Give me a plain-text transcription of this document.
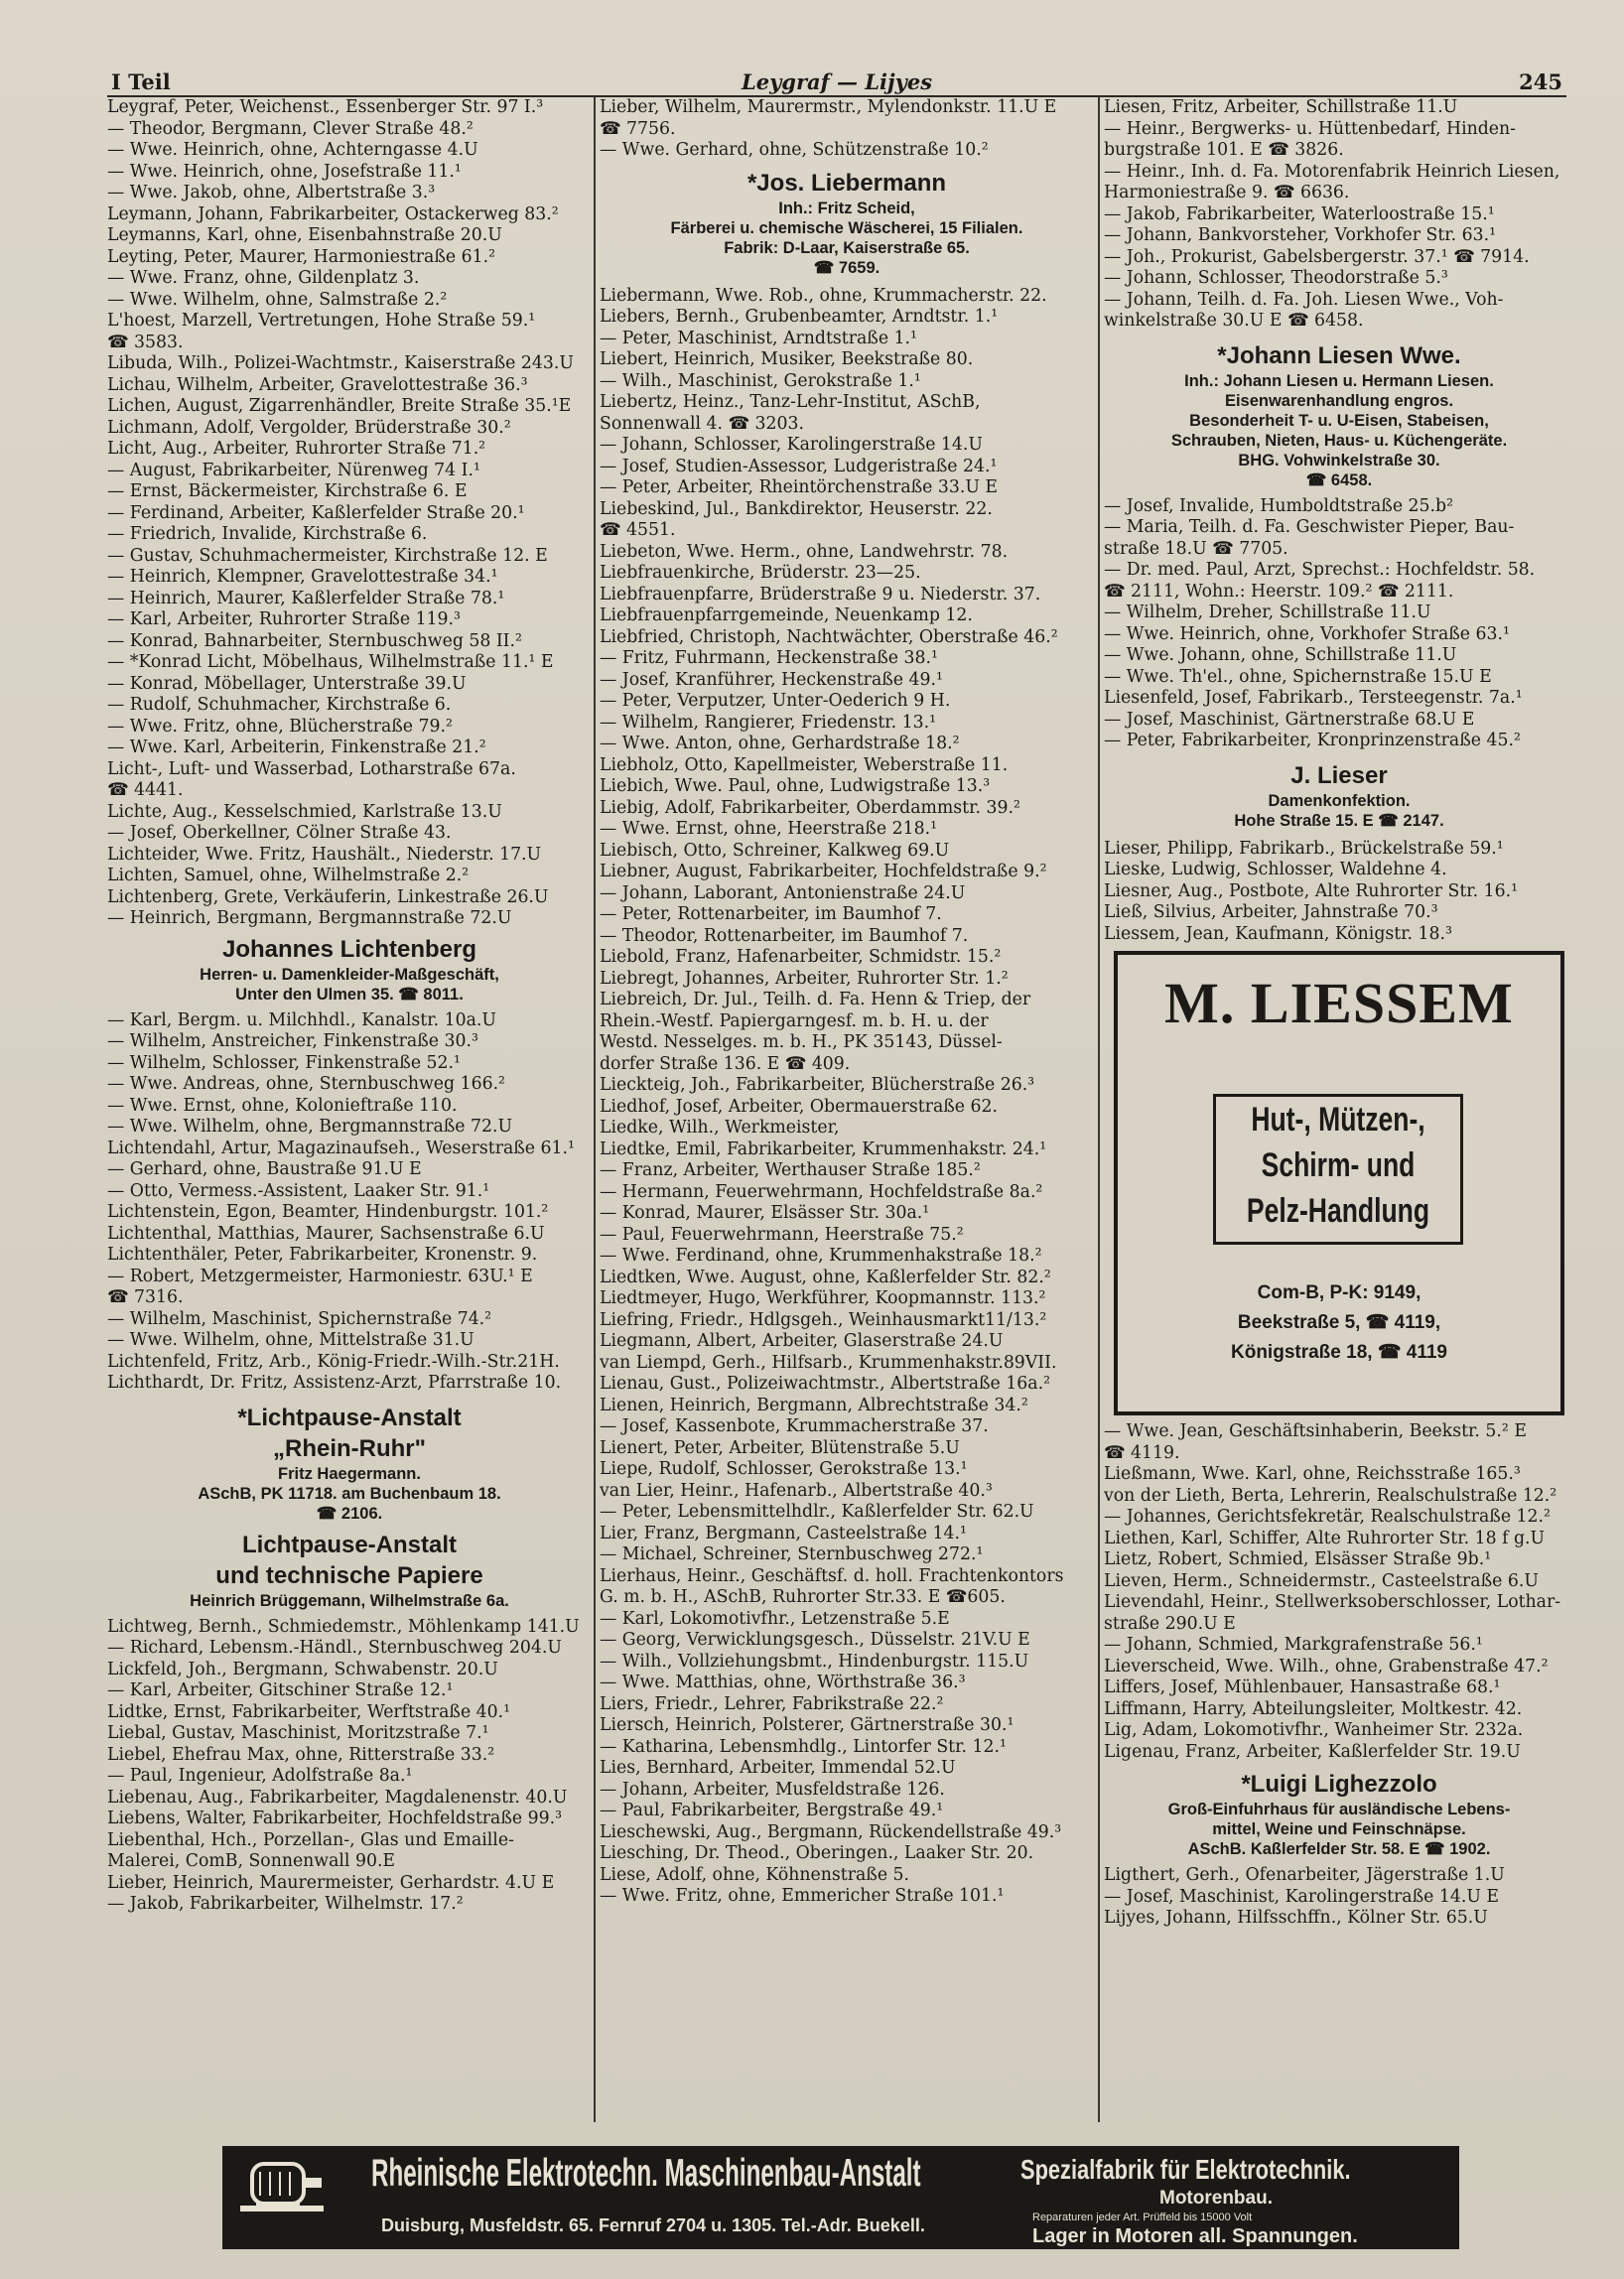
I Teil	Leygraf — Lijyes	245
Leygraf, Peter, Weichenst., Essenberger Str. 97 I.³
— Theodor, Bergmann, Clever Straße 48.²
— Wwe. Heinrich, ohne, Achterngasse 4.U
— Wwe. Heinrich, ohne, Josefstraße 11.¹
— Wwe. Jakob, ohne, Albertstraße 3.³
Leymann, Johann, Fabrikarbeiter, Ostackerweg 83.²
Leymanns, Karl, ohne, Eisenbahnstraße 20.U
Leyting, Peter, Maurer, Harmoniestraße 61.²
— Wwe. Franz, ohne, Gildenplatz 3.
— Wwe. Wilhelm, ohne, Salmstraße 2.²
L'hoest, Marzell, Vertretungen, Hohe Straße 59.¹
☎ 3583.
Libuda, Wilh., Polizei-Wachtmstr., Kaiserstraße 243.U
Lichau, Wilhelm, Arbeiter, Gravelottestraße 36.³
Lichen, August, Zigarrenhändler, Breite Straße 35.¹E
Lichmann, Adolf, Vergolder, Brüderstraße 30.²
Licht, Aug., Arbeiter, Ruhrorter Straße 71.²
— August, Fabrikarbeiter, Nürenweg 74 I.¹
— Ernst, Bäckermeister, Kirchstraße 6. E
— Ferdinand, Arbeiter, Kaßlerfelder Straße 20.¹
— Friedrich, Invalide, Kirchstraße 6.
— Gustav, Schuhmachermeister, Kirchstraße 12. E
— Heinrich, Klempner, Gravelottestraße 34.¹
— Heinrich, Maurer, Kaßlerfelder Straße 78.¹
— Karl, Arbeiter, Ruhrorter Straße 119.³
— Konrad, Bahnarbeiter, Sternbuschweg 58 II.²
— *Konrad Licht, Möbelhaus, Wilhelmstraße 11.¹ E
— Konrad, Möbellager, Unterstraße 39.U
— Rudolf, Schuhmacher, Kirchstraße 6.
— Wwe. Fritz, ohne, Blücherstraße 79.²
— Wwe. Karl, Arbeiterin, Finkenstraße 21.²
Licht-, Luft- und Wasserbad, Lotharstraße 67a.
☎ 4441.
Lichte, Aug., Kesselschmied, Karlstraße 13.U
— Josef, Oberkellner, Cölner Straße 43.
Lichteider, Wwe. Fritz, Haushält., Niederstr. 17.U
Lichten, Samuel, ohne, Wilhelmstraße 2.²
Lichtenberg, Grete, Verkäuferin, Linkestraße 26.U
— Heinrich, Bergmann, Bergmannstraße 72.U
Johannes Lichtenberg
Herren- u. Damenkleider-Maßgeschäft,
Unter den Ulmen 35. ☎ 8011.
— Karl, Bergm. u. Milchhdl., Kanalstr. 10a.U
— Wilhelm, Anstreicher, Finkenstraße 30.³
— Wilhelm, Schlosser, Finkenstraße 52.¹
— Wwe. Andreas, ohne, Sternbuschweg 166.²
— Wwe. Ernst, ohne, Kolonieftraße 110.
— Wwe. Wilhelm, ohne, Bergmannstraße 72.U
Lichtendahl, Artur, Magazinaufseh., Weserstraße 61.¹
— Gerhard, ohne, Baustraße 91.U E
— Otto, Vermess.-Assistent, Laaker Str. 91.¹
Lichtenstein, Egon, Beamter, Hindenburgstr. 101.²
Lichtenthal, Matthias, Maurer, Sachsenstraße 6.U
Lichtenthäler, Peter, Fabrikarbeiter, Kronenstr. 9.
— Robert, Metzgermeister, Harmoniestr. 63U.¹ E
☎ 7316.
— Wilhelm, Maschinist, Spichernstraße 74.²
— Wwe. Wilhelm, ohne, Mittelstraße 31.U
Lichtenfeld, Fritz, Arb., König-Friedr.-Wilh.-Str.21H.
Lichthardt, Dr. Fritz, Assistenz-Arzt, Pfarrstraße 10.
*Lichtpause-Anstalt
„Rhein-Ruhr"
Fritz Haegermann.
ASchB, PK 11718. am Buchenbaum 18.
☎ 2106.
Lichtpause-Anstalt
und technische Papiere
Heinrich Brüggemann, Wilhelmstraße 6a.
Lichtweg, Bernh., Schmiedemstr., Möhlenkamp 141.U
— Richard, Lebensm.-Händl., Sternbuschweg 204.U
Lickfeld, Joh., Bergmann, Schwabenstr. 20.U
— Karl, Arbeiter, Gitschiner Straße 12.¹
Lidtke, Ernst, Fabrikarbeiter, Werftstraße 40.¹
Liebal, Gustav, Maschinist, Moritzstraße 7.¹
Liebel, Ehefrau Max, ohne, Ritterstraße 33.²
— Paul, Ingenieur, Adolfstraße 8a.¹
Liebenau, Aug., Fabrikarbeiter, Magdalenenstr. 40.U
Liebens, Walter, Fabrikarbeiter, Hochfeldstraße 99.³
Liebenthal, Hch., Porzellan-, Glas und Emaille-
Malerei, ComB, Sonnenwall 90.E
Lieber, Heinrich, Maurermeister, Gerhardstr. 4.U E
— Jakob, Fabrikarbeiter, Wilhelmstr. 17.²
Lieber, Wilhelm, Maurermstr., Mylendonkstr. 11.U E
☎ 7756.
— Wwe. Gerhard, ohne, Schützenstraße 10.²
*Jos. Liebermann
Inh.: Fritz Scheid,
Färberei u. chemische Wäscherei, 15 Filialen.
Fabrik: D-Laar, Kaiserstraße 65.
☎ 7659.
Liebermann, Wwe. Rob., ohne, Krummacherstr. 22.
Liebers, Bernh., Grubenbeamter, Arndtstr. 1.¹
— Peter, Maschinist, Arndtstraße 1.¹
Liebert, Heinrich, Musiker, Beekstraße 80.
— Wilh., Maschinist, Gerokstraße 1.¹
Liebertz, Heinz., Tanz-Lehr-Institut, ASchB,
Sonnenwall 4. ☎ 3203.
— Johann, Schlosser, Karolingerstraße 14.U
— Josef, Studien-Assessor, Ludgeristraße 24.¹
— Peter, Arbeiter, Rheintörchenstraße 33.U E
Liebeskind, Jul., Bankdirektor, Heuserstr. 22.
☎ 4551.
Liebeton, Wwe. Herm., ohne, Landwehrstr. 78.
Liebfrauenkirche, Brüderstr. 23—25.
Liebfrauenpfarre, Brüderstraße 9 u. Niederstr. 37.
Liebfrauenpfarrgemeinde, Neuenkamp 12.
Liebfried, Christoph, Nachtwächter, Oberstraße 46.²
— Fritz, Fuhrmann, Heckenstraße 38.¹
— Josef, Kranführer, Heckenstraße 49.¹
— Peter, Verputzer, Unter-Oederich 9 H.
— Wilhelm, Rangierer, Friedenstr. 13.¹
— Wwe. Anton, ohne, Gerhardstraße 18.²
Liebholz, Otto, Kapellmeister, Weberstraße 11.
Liebich, Wwe. Paul, ohne, Ludwigstraße 13.³
Liebig, Adolf, Fabrikarbeiter, Oberdammstr. 39.²
— Wwe. Ernst, ohne, Heerstraße 218.¹
Liebisch, Otto, Schreiner, Kalkweg 69.U
Liebner, August, Fabrikarbeiter, Hochfeldstraße 9.²
— Johann, Laborant, Antonienstraße 24.U
— Peter, Rottenarbeiter, im Baumhof 7.
— Theodor, Rottenarbeiter, im Baumhof 7.
Liebold, Franz, Hafenarbeiter, Schmidstr. 15.²
Liebregt, Johannes, Arbeiter, Ruhrorter Str. 1.²
Liebreich, Dr. Jul., Teilh. d. Fa. Henn & Triep, der
Rhein.-Westf. Papiergarngesf. m. b. H. u. der
Westd. Nesselges. m. b. H., PK 35143, Düssel-
dorfer Straße 136. E ☎ 409.
Lieckteig, Joh., Fabrikarbeiter, Blücherstraße 26.³
Liedhof, Josef, Arbeiter, Obermauerstraße 62.
Liedke, Wilh., Werkmeister,
Liedtke, Emil, Fabrikarbeiter, Krummenhakstr. 24.¹
— Franz, Arbeiter, Werthauser Straße 185.²
— Hermann, Feuerwehrmann, Hochfeldstraße 8a.²
— Konrad, Maurer, Elsässer Str. 30a.¹
— Paul, Feuerwehrmann, Heerstraße 75.²
— Wwe. Ferdinand, ohne, Krummenhakstraße 18.²
Liedtken, Wwe. August, ohne, Kaßlerfelder Str. 82.²
Liedtmeyer, Hugo, Werkführer, Koopmannstr. 113.²
Liefring, Friedr., Hdlgsgeh., Weinhausmarkt11/13.²
Liegmann, Albert, Arbeiter, Glaserstraße 24.U
van Liempd, Gerh., Hilfsarb., Krummenhakstr.89VII.
Lienau, Gust., Polizeiwachtmstr., Albertstraße 16a.²
Lienen, Heinrich, Bergmann, Albrechtstraße 34.²
— Josef, Kassenbote, Krummacherstraße 37.
Lienert, Peter, Arbeiter, Blütenstraße 5.U
Liepe, Rudolf, Schlosser, Gerokstraße 13.¹
van Lier, Heinr., Hafenarb., Albertstraße 40.³
— Peter, Lebensmittelhdlr., Kaßlerfelder Str. 62.U
Lier, Franz, Bergmann, Casteelstraße 14.¹
— Michael, Schreiner, Sternbuschweg 272.¹
Lierhaus, Heinr., Geschäftsf. d. holl. Frachtenkontors
G. m. b. H., ASchB, Ruhrorter Str.33. E ☎605.
— Karl, Lokomotivfhr., Letzenstraße 5.E
— Georg, Verwicklungsgesch., Düsselstr. 21V.U E
— Wilh., Vollziehungsbmt., Hindenburgstr. 115.U
— Wwe. Matthias, ohne, Wörthstraße 36.³
Liers, Friedr., Lehrer, Fabrikstraße 22.²
Liersch, Heinrich, Polsterer, Gärtnerstraße 30.¹
— Katharina, Lebensmhdlg., Lintorfer Str. 12.¹
Lies, Bernhard, Arbeiter, Immendal 52.U
— Johann, Arbeiter, Musfeldstraße 126.
— Paul, Fabrikarbeiter, Bergstraße 49.¹
Lieschewski, Aug., Bergmann, Rückendellstraße 49.³
Liesching, Dr. Theod., Oberingen., Laaker Str. 20.
Liese, Adolf, ohne, Köhnenstraße 5.
— Wwe. Fritz, ohne, Emmericher Straße 101.¹
Liesen, Fritz, Arbeiter, Schillstraße 11.U
— Heinr., Bergwerks- u. Hüttenbedarf, Hinden-
burgstraße 101. E ☎ 3826.
— Heinr., Inh. d. Fa. Motorenfabrik Heinrich Liesen,
Harmoniestraße 9. ☎ 6636.
— Jakob, Fabrikarbeiter, Waterloostraße 15.¹
— Johann, Bankvorsteher, Vorkhofer Str. 63.¹
— Joh., Prokurist, Gabelsbergerstr. 37.¹ ☎ 7914.
— Johann, Schlosser, Theodorstraße 5.³
— Johann, Teilh. d. Fa. Joh. Liesen Wwe., Voh-
winkelstraße 30.U E ☎ 6458.
*Johann Liesen Wwe.
Inh.: Johann Liesen u. Hermann Liesen.
Eisenwarenhandlung engros.
Besonderheit T- u. U-Eisen, Stabeisen,
Schrauben, Nieten, Haus- u. Küchengeräte.
BHG. Vohwinkelstraße 30.
☎ 6458.
— Josef, Invalide, Humboldtstraße 25.b²
— Maria, Teilh. d. Fa. Geschwister Pieper, Bau-
straße 18.U ☎ 7705.
— Dr. med. Paul, Arzt, Sprechst.: Hochfeldstr. 58.
☎ 2111, Wohn.: Heerstr. 109.² ☎ 2111.
— Wilhelm, Dreher, Schillstraße 11.U
— Wwe. Heinrich, ohne, Vorkhofer Straße 63.¹
— Wwe. Johann, ohne, Schillstraße 11.U
— Wwe. Th'el., ohne, Spichernstraße 15.U E
Liesenfeld, Josef, Fabrikarb., Tersteegenstr. 7a.¹
— Josef, Maschinist, Gärtnerstraße 68.U E
— Peter, Fabrikarbeiter, Kronprinzenstraße 45.²
J. Lieser
Damenkonfektion.
Hohe Straße 15. E ☎ 2147.
Lieser, Philipp, Fabrikarb., Brückelstraße 59.¹
Lieske, Ludwig, Schlosser, Waldehne 4.
Liesner, Aug., Postbote, Alte Ruhrorter Str. 16.¹
Ließ, Silvius, Arbeiter, Jahnstraße 70.³
Liessem, Jean, Kaufmann, Königstr. 18.³
M. LIESSEM
Hut-, Mützen-,
Schirm- und
Pelz-Handlung
Com-B, P-K: 9149,
Beekstraße 5, ☎ 4119,
Königstraße 18, ☎ 4119
— Wwe. Jean, Geschäftsinhaberin, Beekstr. 5.² E
☎ 4119.
Ließmann, Wwe. Karl, ohne, Reichsstraße 165.³
von der Lieth, Berta, Lehrerin, Realschulstraße 12.²
— Johannes, Gerichtsfekretär, Realschulstraße 12.²
Liethen, Karl, Schiffer, Alte Ruhrorter Str. 18 f g.U
Lietz, Robert, Schmied, Elsässer Straße 9b.¹
Lieven, Herm., Schneidermstr., Casteelstraße 6.U
Lievendahl, Heinr., Stellwerksoberschlosser, Lothar-
straße 290.U E
— Johann, Schmied, Markgrafenstraße 56.¹
Lieverscheid, Wwe. Wilh., ohne, Grabenstraße 47.²
Liffers, Josef, Mühlenbauer, Hansastraße 68.¹
Liffmann, Harry, Abteilungsleiter, Moltkestr. 42.
Lig, Adam, Lokomotivfhr., Wanheimer Str. 232a.
Ligenau, Franz, Arbeiter, Kaßlerfelder Str. 19.U
*Luigi Lighezzolo
Groß-Einfuhrhaus für ausländische Lebens-
mittel, Weine und Feinschnäpse.
ASchB. Kaßlerfelder Str. 58. E ☎ 1902.
Ligthert, Gerh., Ofenarbeiter, Jägerstraße 1.U
— Josef, Maschinist, Karolingerstraße 14.U E
Lijyes, Johann, Hilfsschffn., Kölner Str. 65.U
Rheinische Elektrotechn. Maschinenbau-Anstalt
Duisburg, Musfeldstr. 65. Fernruf 2704 u. 1305. Tel.-Adr. Buekell.
Spezialfabrik für Elektrotechnik.
Motorenbau.
Reparaturen jeder Art. Prüffeld bis 15000 Volt
Lager in Motoren all. Spannungen.
